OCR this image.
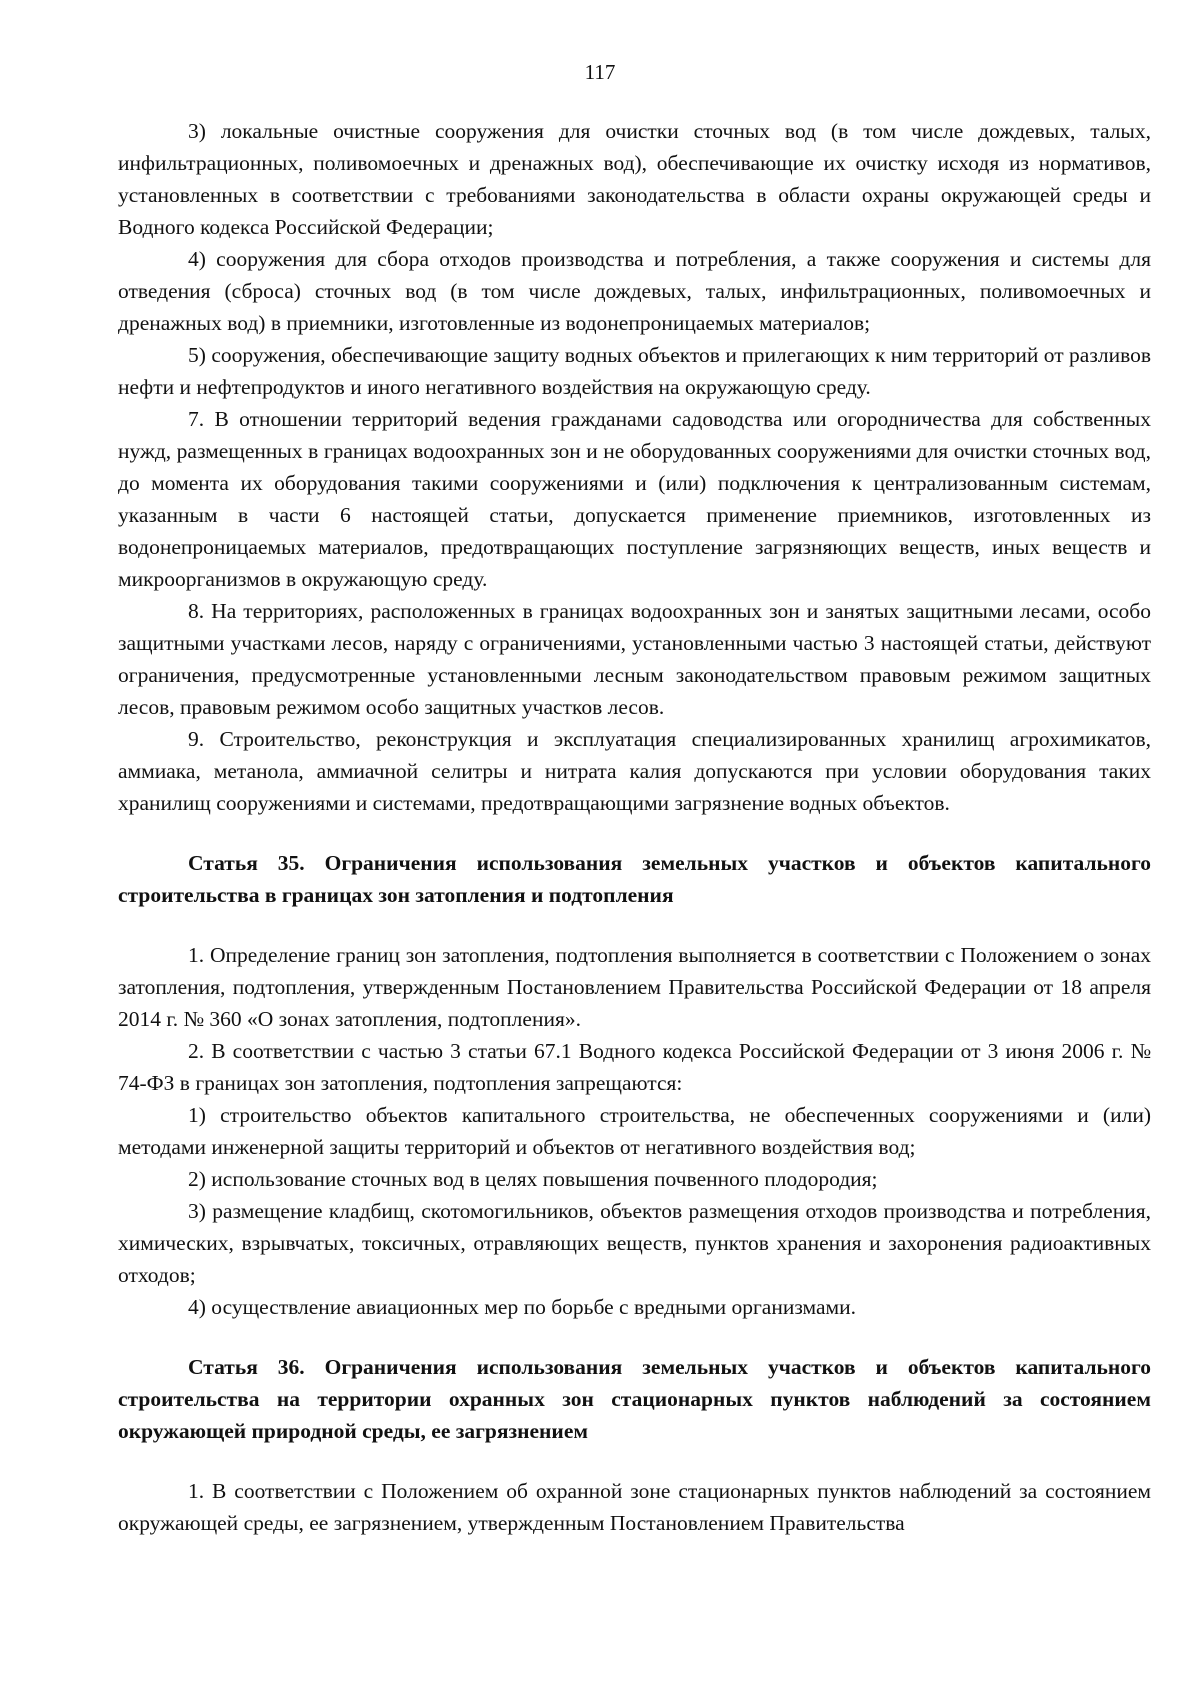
117

3) локальные очистные сооружения для очистки сточных вод (в том числе дождевых, талых, инфильтрационных, поливомоечных и дренажных вод), обеспечивающие их очистку исходя из нормативов, установленных в соответствии с требованиями законодательства в области охраны окружающей среды и Водного кодекса Российской Федерации;

4) сооружения для сбора отходов производства и потребления, а также сооружения и системы для отведения (сброса) сточных вод (в том числе дождевых, талых, инфильтрационных, поливомоечных и дренажных вод) в приемники, изготовленные из водонепроницаемых материалов;

5) сооружения, обеспечивающие защиту водных объектов и прилегающих к ним территорий от разливов нефти и нефтепродуктов и иного негативного воздействия на окружающую среду.

7. В отношении территорий ведения гражданами садоводства или огородничества для собственных нужд, размещенных в границах водоохранных зон и не оборудованных сооружениями для очистки сточных вод, до момента их оборудования такими сооружениями и (или) подключения к централизованным системам, указанным в части 6 настоящей статьи, допускается применение приемников, изготовленных из водонепроницаемых материалов, предотвращающих поступление загрязняющих веществ, иных веществ и микроорганизмов в окружающую среду.

8. На территориях, расположенных в границах водоохранных зон и занятых защитными лесами, особо защитными участками лесов, наряду с ограничениями, установленными частью 3 настоящей статьи, действуют ограничения, предусмотренные установленными лесным законодательством правовым режимом защитных лесов, правовым режимом особо защитных участков лесов.

9. Строительство, реконструкция и эксплуатация специализированных хранилищ агрохимикатов, аммиака, метанола, аммиачной селитры и нитрата калия допускаются при условии оборудования таких хранилищ сооружениями и системами, предотвращающими загрязнение водных объектов.

Статья 35. Ограничения использования земельных участков и объектов капитального строительства в границах зон затопления и подтопления

1. Определение границ зон затопления, подтопления выполняется в соответствии с Положением о зонах затопления, подтопления, утвержденным Постановлением Правительства Российской Федерации от 18 апреля 2014 г. № 360 «О зонах затопления, подтопления».

2. В соответствии с частью 3 статьи 67.1 Водного кодекса Российской Федерации от 3 июня 2006 г. № 74-ФЗ в границах зон затопления, подтопления запрещаются:

1) строительство объектов капитального строительства, не обеспеченных сооружениями и (или) методами инженерной защиты территорий и объектов от негативного воздействия вод;

2) использование сточных вод в целях повышения почвенного плодородия;

3) размещение кладбищ, скотомогильников, объектов размещения отходов производства и потребления, химических, взрывчатых, токсичных, отравляющих веществ, пунктов хранения и захоронения радиоактивных отходов;

4) осуществление авиационных мер по борьбе с вредными организмами.

Статья 36. Ограничения использования земельных участков и объектов капитального строительства на территории охранных зон стационарных пунктов наблюдений за состоянием окружающей природной среды, ее загрязнением

1. В соответствии с Положением об охранной зоне стационарных пунктов наблюдений за состоянием окружающей среды, ее загрязнением, утвержденным Постановлением Правительства
